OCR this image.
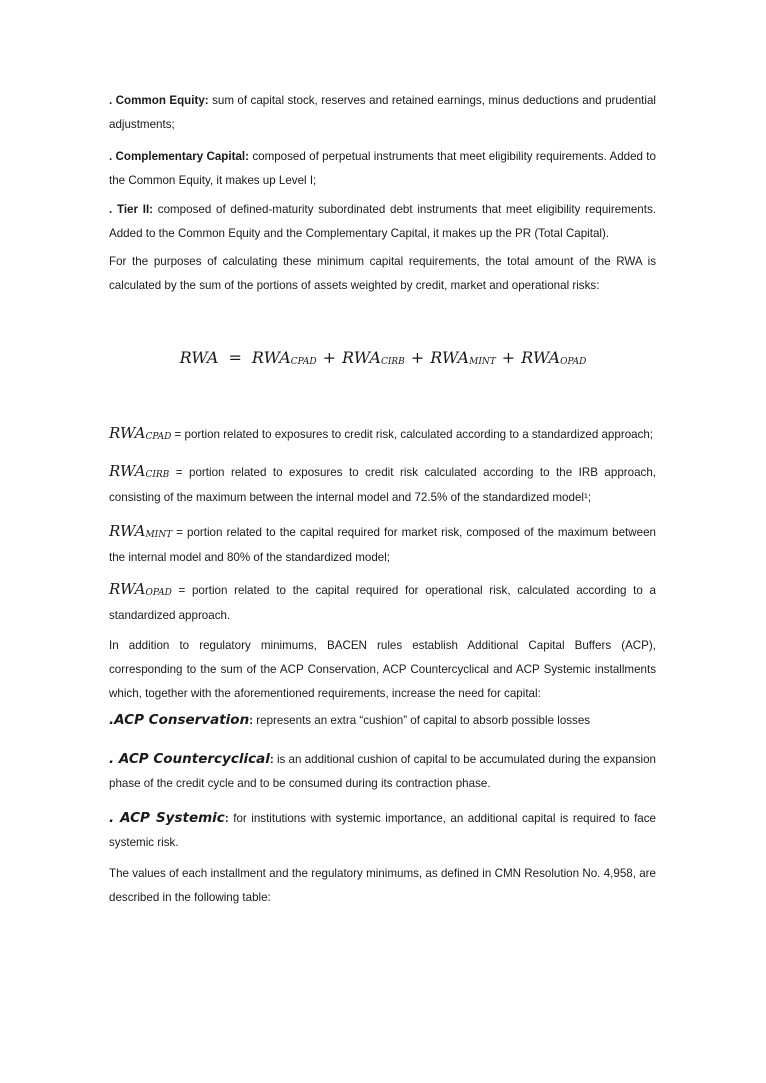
. Common Equity: sum of capital stock, reserves and retained earnings, minus deductions and prudential adjustments;

. Complementary Capital: composed of perpetual instruments that meet eligibility requirements. Added to the Common Equity, it makes up Level I;

. Tier II: composed of defined-maturity subordinated debt instruments that meet eligibility requirements. Added to the Common Equity and the Complementary Capital, it makes up the PR (Total Capital).

For the purposes of calculating these minimum capital requirements, the total amount of the RWA is calculated by the sum of the portions of assets weighted by credit, market and operational risks:

RWA = $RWA_{CPAD} + RWA_{CIRB} + RWA_{MINT} + RWA_{OPAD}$

$RWA_{CPAD}$ = portion related to exposures to credit risk, calculated according to a standardized approach;

$RWA_{CIRB}$ = portion related to exposures to credit risk calculated according to the IRB approach, consisting of the maximum between the internal model and 72.5% of the standardized model¹;

$RWA_{MINT}$ = portion related to the capital required for market risk, composed of the maximum between the internal model and 80% of the standardized model;

$RWA_{OPAD}$ = portion related to the capital required for operational risk, calculated according to a standardized approach.

In addition to regulatory minimums, BACEN rules establish Additional Capital Buffers (ACP), corresponding to the sum of the ACP Conservation, ACP Countercyclical and ACP Systemic installments which, together with the aforementioned requirements, increase the need for capital:

.ACP Conservation: represents an extra “cushion” of capital to absorb possible losses

. ACP Countercyclical: is an additional cushion of capital to be accumulated during the expansion phase of the credit cycle and to be consumed during its contraction phase.

. ACP Systemic: for institutions with systemic importance, an additional capital is required to face systemic risk.

The values of each installment and the regulatory minimums, as defined in CMN Resolution No. 4,958, are described in the following table:
